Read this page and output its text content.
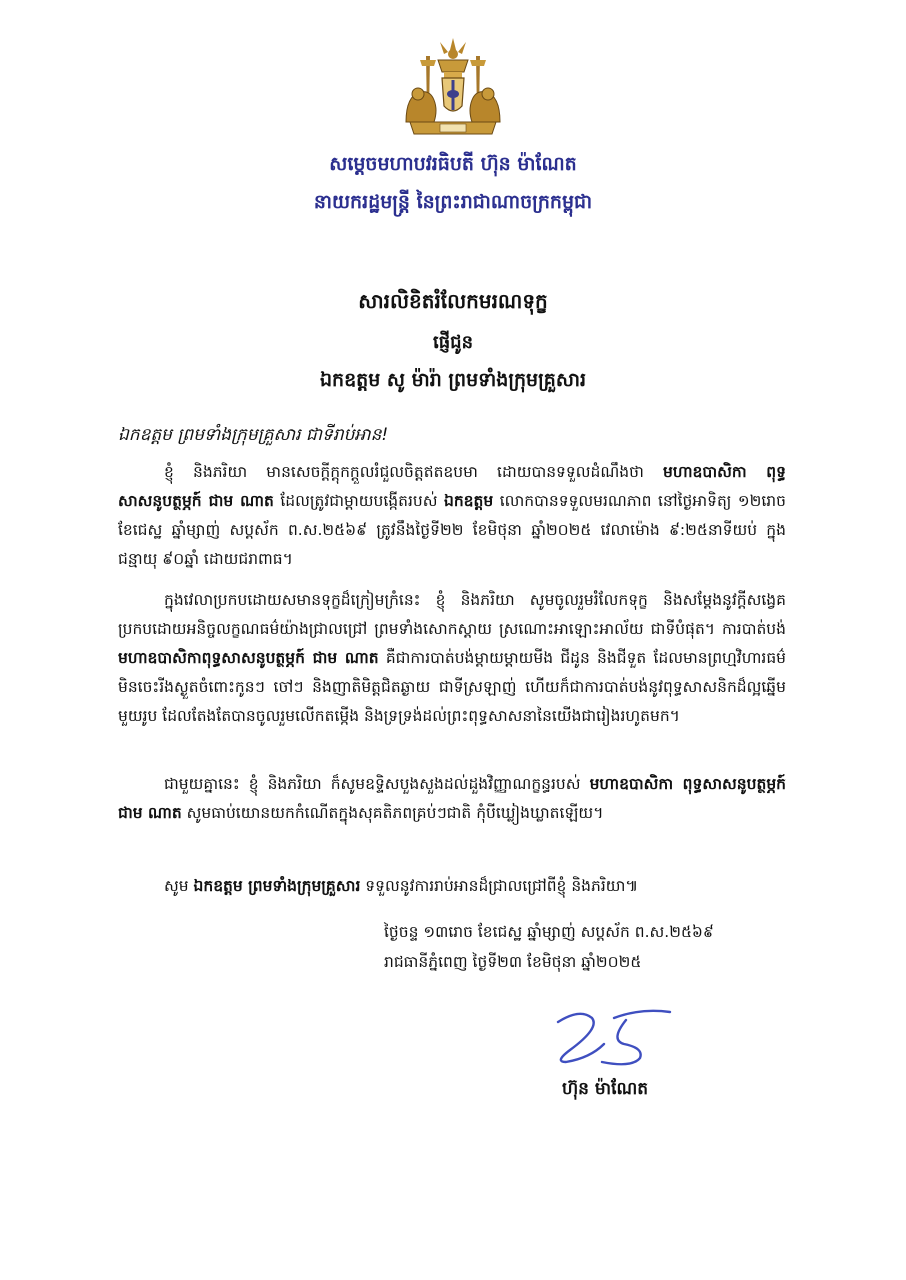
សម្តេចមហាបវរធិបតី ហ៊ុន ម៉ាណែត
នាយករដ្ឋមន្ត្រី នៃព្រះរាជាណាចក្រកម្ពុជា
សារលិខិតរំលែកមរណទុក្ខ
ផ្ញើជូន
ឯកឧត្តម សូ ម៉ារ៉ា ព្រមទាំងក្រុមគ្រួសារ
ឯកឧត្តម ព្រមទាំងក្រុមគ្រួសារ ជាទីរាប់អាន!
ខ្ញុំ និងភរិយា មានសេចក្ដីក្ដុកក្ដួលរំជួលចិត្តឥតឧបមា ដោយបានទទួលដំណឹងថា មហាឧបាសិកា ពុទ្ធសាសនូបត្ថម្ភក៍ ជាម ណាត ដែលត្រូវជាម្ដាយបង្កើតរបស់ ឯកឧត្តម លោកបានទទួលមរណភាព នៅថ្ងៃអាទិត្យ ១២រោច ខែជេស្ឋ ឆ្នាំម្សាញ់ សប្តស័ក ព.ស.២៥៦៩ ត្រូវនឹងថ្ងៃទី២២ ខែមិថុនា ឆ្នាំ២០២៥ វេលាម៉ោង ៩:២៥នាទីយប់ ក្នុងជន្មាយុ ៩០ឆ្នាំ ដោយជរាពាធ។
ក្នុងវេលាប្រកបដោយសមានទុក្ខដ៏ក្រៀមក្រំនេះ ខ្ញុំ និងភរិយា សូមចូលរួមរំលែកទុក្ខ និងសម្ដែងនូវក្ដីសង្វេគប្រកបដោយអនិច្ចលក្ខណធម៌យ៉ាងជ្រាលជ្រៅ ព្រមទាំងសោកស្ដាយ ស្រណោះអាឡោះអាល័យ ជាទីបំផុត។ ការបាត់បង់មហាឧបាសិកាពុទ្ធសាសនូបត្ថម្ភក៍ ជាម ណាត គឺជាការបាត់បង់ម្ដាយម្ដាយមីង ជីដូន និងជីទួត ដែលមានព្រហ្មវិហារធម៌មិនចេះរីងស្ងួតចំពោះកូនៗ ចៅៗ និងញាតិមិត្តជិតឆ្ងាយ ជាទីស្រឡាញ់ ហើយក៏ជាការបាត់បង់នូវពុទ្ធសាសនិកដ៏ល្អឆ្នើមមួយរូប ដែលតែងតែបានចូលរួមលើកតម្កើង និងទ្រទ្រង់ដល់ព្រះពុទ្ធសាសនានៃយើងជារៀងរហូតមក។
ជាមួយគ្នានេះ ខ្ញុំ និងភរិយា ក៏សូមឧទ្ទិសបួងសួងដល់ដួងវិញ្ញាណក្ខន្ធរបស់ មហាឧបាសិកា ពុទ្ធសាសនូបត្ថម្ភក៍ ជាម ណាត សូមធាប់យោនយកកំណើតក្នុងសុគតិភពគ្រប់ៗជាតិ កុំបីឃ្លៀងឃ្លាតឡើយ។
សូម ឯកឧត្តម ព្រមទាំងក្រុមគ្រួសារ ទទួលនូវការរាប់អានដ៏ជ្រាលជ្រៅពីខ្ញុំ និងភរិយា៕
ថ្ងៃចន្ទ ១៣រោច ខែជេស្ឋ ឆ្នាំម្សាញ់ សប្តស័ក ព.ស.២៥៦៩
រាជធានីភ្នំពេញ ថ្ងៃទី២៣ ខែមិថុនា ឆ្នាំ២០២៥
ហ៊ុន ម៉ាណែត
